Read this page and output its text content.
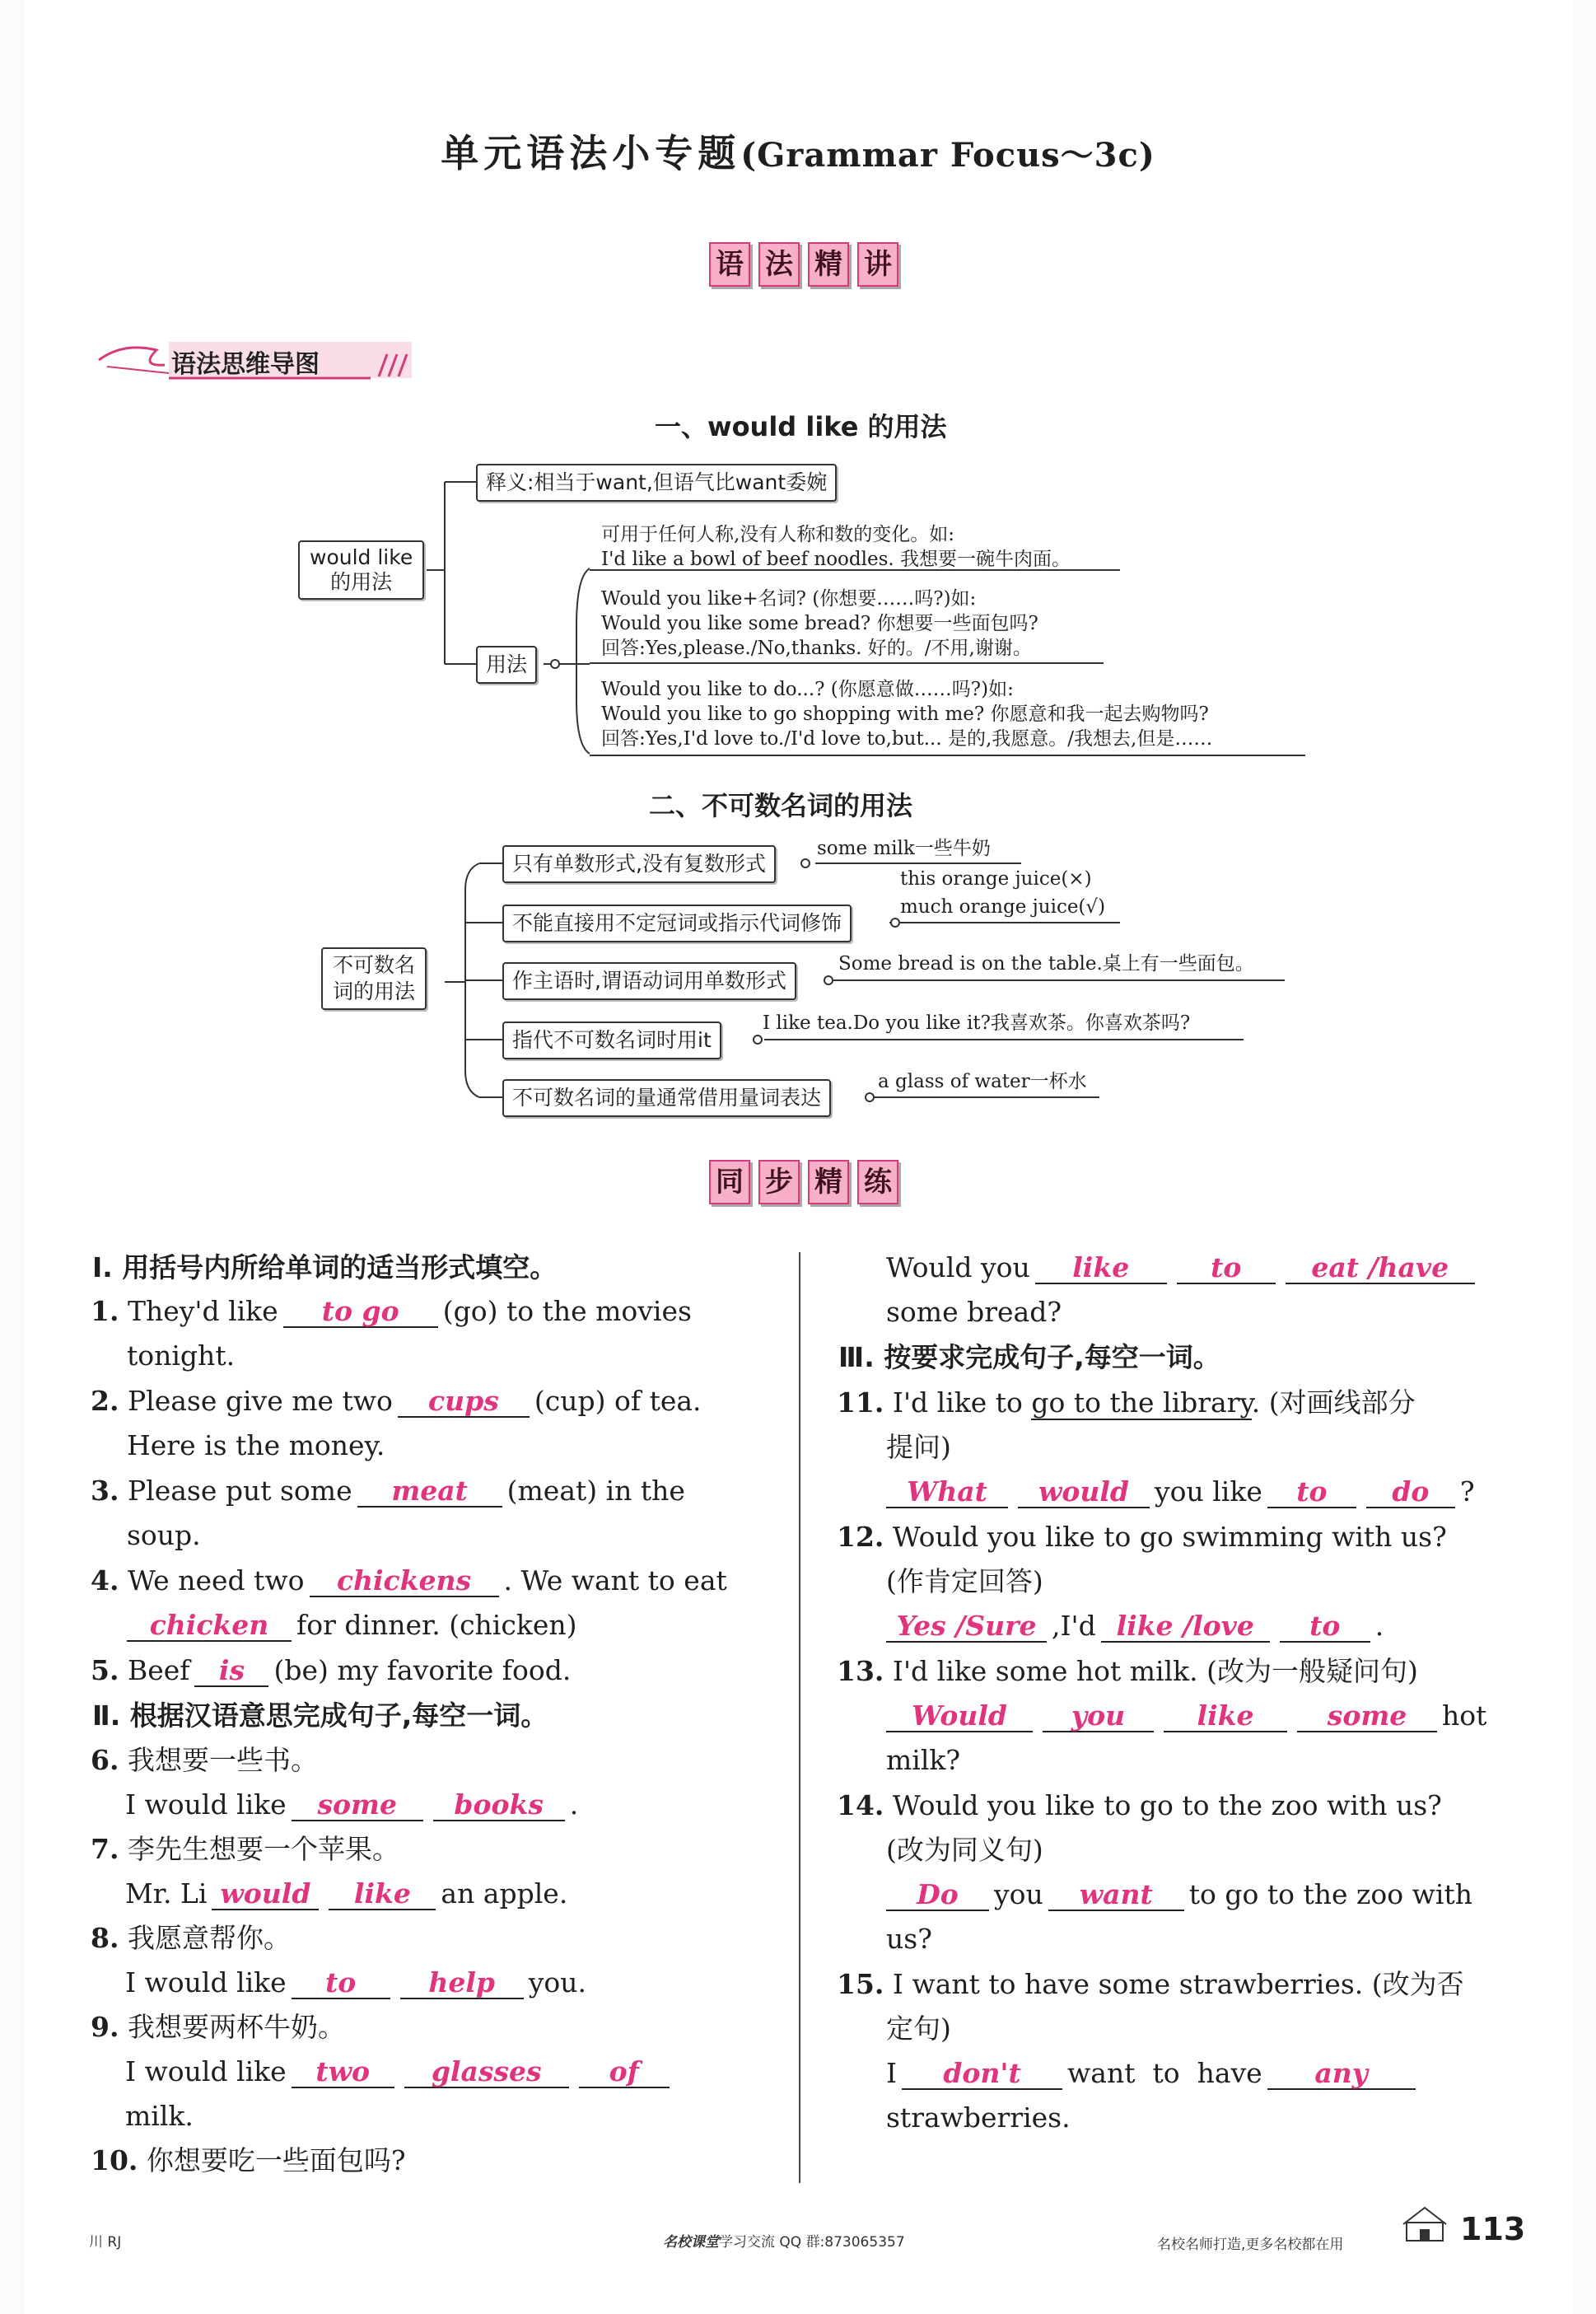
单元语法小专题(Grammar Focus～3c)
语 法 精 讲
语法思维导图
一、would like 的用法
would like
的用法
释义:相当于want,但语气比want委婉
用法
可用于任何人称,没有人称和数的变化。如:
I'd like a bowl of beef noodles. 我想要一碗牛肉面。
Would you like+名词? (你想要……吗?)如:
Would you like some bread? 你想要一些面包吗?
回答:Yes,please./No,thanks. 好的。/不用,谢谢。
Would you like to do...? (你愿意做……吗?)如:
Would you like to go shopping with me? 你愿意和我一起去购物吗?
回答:Yes,I'd love to./I'd love to,but... 是的,我愿意。/我想去,但是……
二、不可数名词的用法
不可数名
词的用法
只有单数形式,没有复数形式
不能直接用不定冠词或指示代词修饰
作主语时,谓语动词用单数形式
指代不可数名词时用it
不可数名词的量通常借用量词表达
some milk一些牛奶
this orange juice(×)
much orange juice(√)
Some bread is on the table.桌上有一些面包。
I like tea.Do you like it?我喜欢茶。你喜欢茶吗?
a glass of water一杯水
同 步 精 练
Ⅰ. 用括号内所给单词的适当形式填空。
1. They'd like to go (go) to the movies
tonight.
2. Please give me two cups (cup) of tea.
Here is the money.
3. Please put some meat (meat) in the
soup.
4. We need two chickens . We want to eat
chicken for dinner. (chicken)
5. Beef is (be) my favorite food.
Ⅱ. 根据汉语意思完成句子,每空一词。
6. 我想要一些书。
I would like some books .
7. 李先生想要一个苹果。
Mr. Li would like an apple.
8. 我愿意帮你。
I would like to	help you.
9. 我想要两杯牛奶。
I would like two glasses of
milk.
10. 你想要吃一些面包吗?
Would you like	to	eat /have
some bread?
Ⅲ. 按要求完成句子,每空一词。
11. I'd like to go to the library. (对画线部分
提问)
What would you like to do ?
12. Would you like to go swimming with us?
(作肯定回答)
Yes /Sure ,I'd like /love to .
13. I'd like some hot milk. (改为一般疑问句)
Would you	like	some hot
milk?
14. Would you like to go to the zoo with us?
(改为同义句)
Do you want to go to the zoo with
us?
15. I want to have some strawberries. (改为否
定句)
I don't want  to  have any
strawberries.
川 RJ	名校课堂学习交流 QQ 群:873065357	名校名师打造,更多名校都在用	113
